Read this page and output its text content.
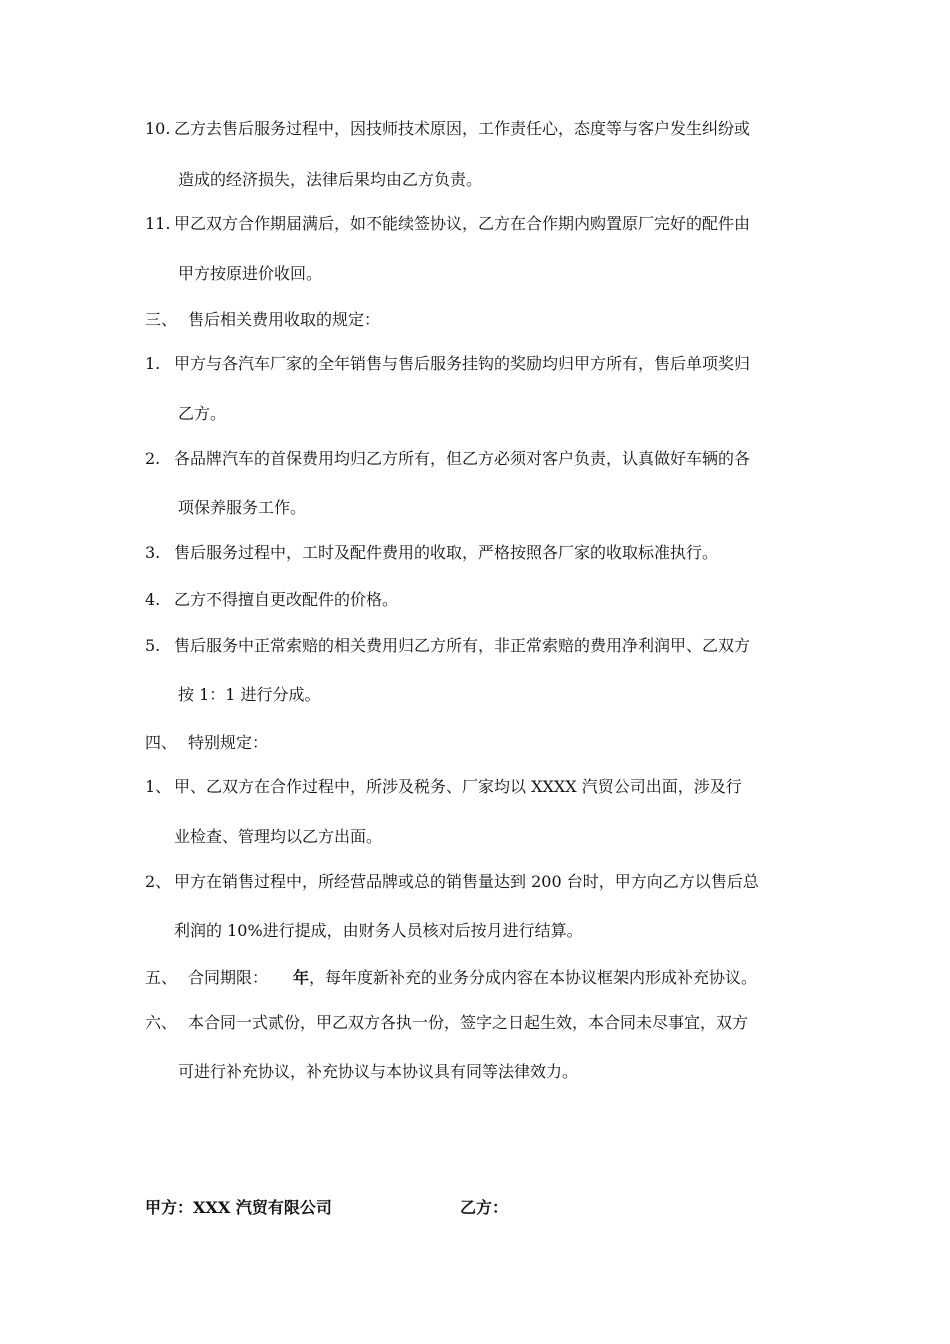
10. 乙方去售后服务过程中，因技师技术原因，工作责任心，态度等与客户发生纠纷或
造成的经济损失，法律后果均由乙方负责。
11. 甲乙双方合作期届满后，如不能续签协议，乙方在合作期内购置原厂完好的配件由
甲方按原进价收回。
三、 售后相关费用收取的规定：
1. 甲方与各汽车厂家的全年销售与售后服务挂钩的奖励均归甲方所有，售后单项奖归
乙方。
2. 各品牌汽车的首保费用均归乙方所有，但乙方必须对客户负责，认真做好车辆的各
项保养服务工作。
3. 售后服务过程中，工时及配件费用的收取，严格按照各厂家的收取标准执行。
4. 乙方不得擅自更改配件的价格。
5. 售后服务中正常索赔的相关费用归乙方所有，非正常索赔的费用净利润甲、乙双方
按 1：1 进行分成。
四、 特别规定：
1、 甲、乙双方在合作过程中，所涉及税务、厂家均以 XXXX 汽贸公司出面，涉及行
业检查、管理均以乙方出面。
2、 甲方在销售过程中，所经营品牌或总的销售量达到 200 台时，甲方向乙方以售后总
利润的 10%进行提成，由财务人员核对后按月进行结算。
五、 合同期限： 年 ，每年度新补充的业务分成内容在本协议框架内形成补充协议。
六、 本合同一式贰份，甲乙双方各执一份，签字之日起生效，本合同未尽事宜，双方
可进行补充协议，补充协议与本协议具有同等法律效力。
甲方：XXX 汽贸有限公司	乙方：
